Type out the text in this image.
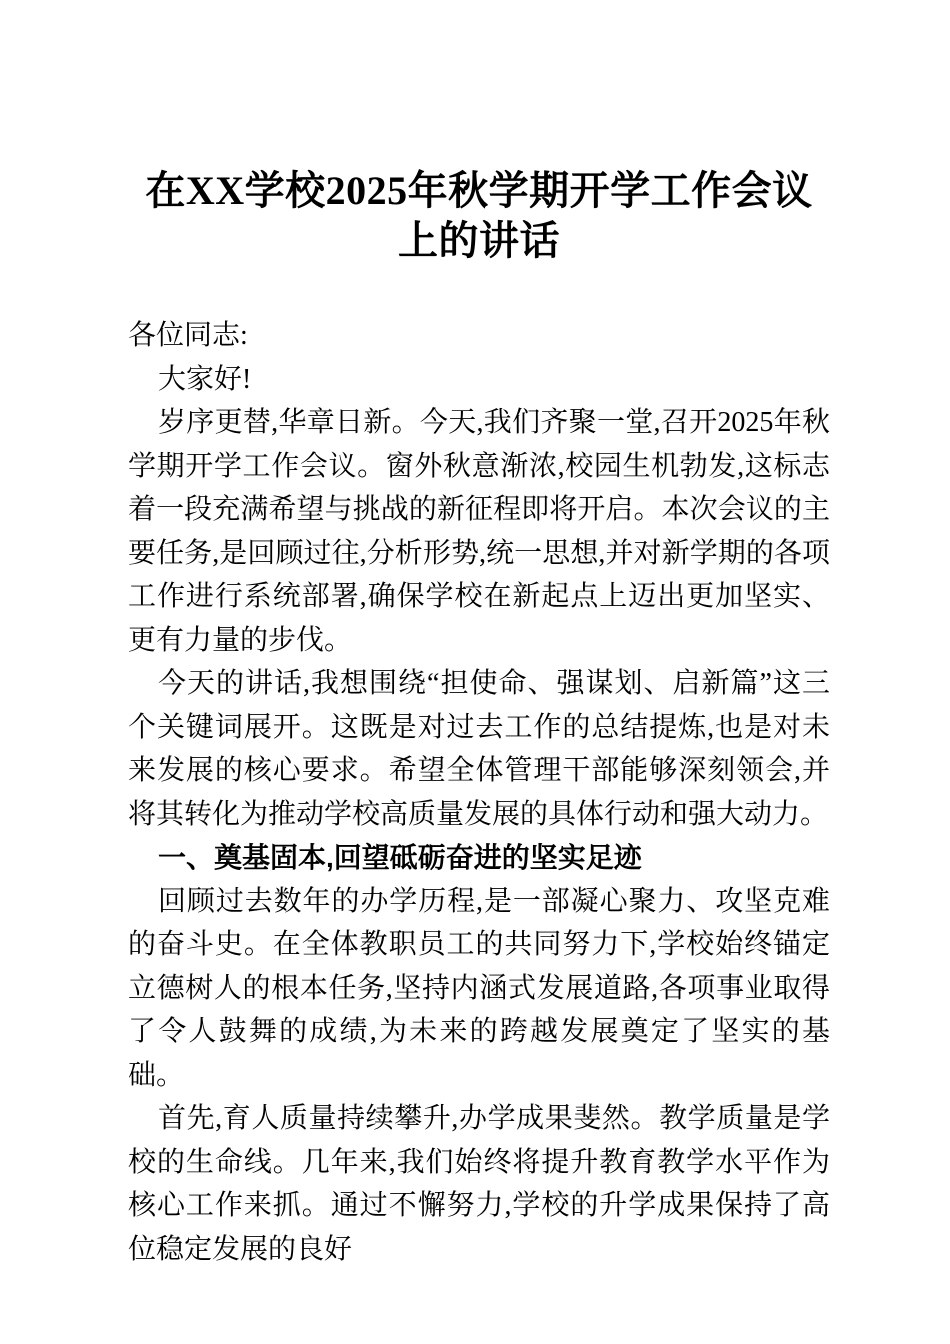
在XX学校2025年秋学期开学工作会议
上的讲话

各位同志:

大家好!

岁序更替,华章日新。今天,我们齐聚一堂,召开2025年秋学期开学工作会议。窗外秋意渐浓,校园生机勃发,这标志着一段充满希望与挑战的新征程即将开启。本次会议的主要任务,是回顾过往,分析形势,统一思想,并对新学期的各项工作进行系统部署,确保学校在新起点上迈出更加坚实、更有力量的步伐。

今天的讲话,我想围绕“担使命、强谋划、启新篇”这三个关键词展开。这既是对过去工作的总结提炼,也是对未来发展的核心要求。希望全体管理干部能够深刻领会,并将其转化为推动学校高质量发展的具体行动和强大动力。

一、奠基固本,回望砥砺奋进的坚实足迹

回顾过去数年的办学历程,是一部凝心聚力、攻坚克难的奋斗史。在全体教职员工的共同努力下,学校始终锚定立德树人的根本任务,坚持内涵式发展道路,各项事业取得了令人鼓舞的成绩,为未来的跨越发展奠定了坚实的基础。

首先,育人质量持续攀升,办学成果斐然。教学质量是学校的生命线。几年来,我们始终将提升教育教学水平作为核心工作来抓。通过不懈努力,学校的升学成果保持了高位稳定发展的良好
